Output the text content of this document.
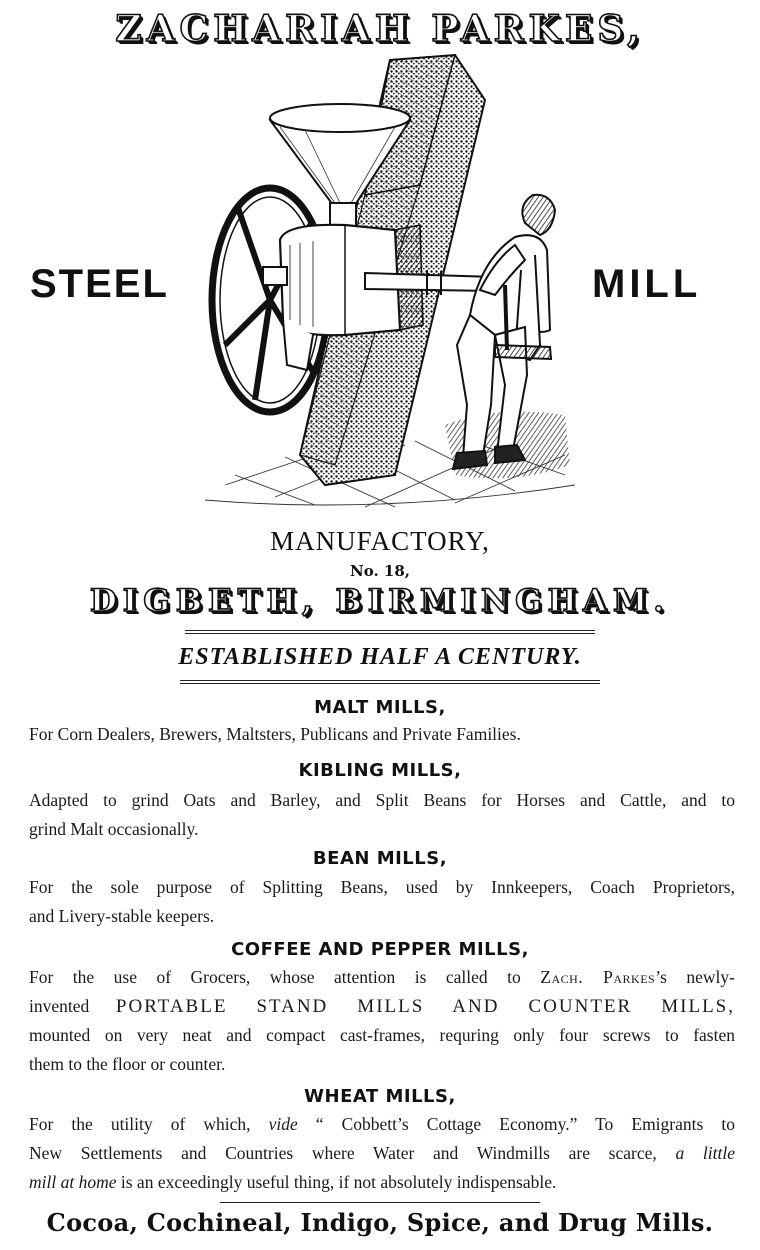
ZACHARIAH PARKES,
STEEL	MILL
MANUFACTORY,
No. 18,
DIGBETH, BIRMINGHAM.
ESTABLISHED HALF A CENTURY.
MALT MILLS,
For Corn Dealers, Brewers, Maltsters, Publicans and Private Families.
KIBLING MILLS,
Adapted to grind Oats and Barley, and Split Beans for Horses and Cattle, and to
grind Malt occasionally.
BEAN MILLS,
For the sole purpose of Splitting Beans, used by Innkeepers, Coach Proprietors,
and Livery-stable keepers.
COFFEE AND PEPPER MILLS,
For the use of Grocers, whose attention is called to Zach. Parkes’s newly-
invented PORTABLE STAND MILLS AND COUNTER MILLS,
mounted on very neat and compact cast-frames, requring only four screws to fasten
them to the floor or counter.
WHEAT MILLS,
For the utility of which, vide “ Cobbett’s Cottage Economy.” To Emigrants to
New Settlements and Countries where Water and Windmills are scarce, a little
mill at home is an exceedingly useful thing, if not absolutely indispensable.
Cocoa, Cochineal, Indigo, Spice, and Drug Mills.
